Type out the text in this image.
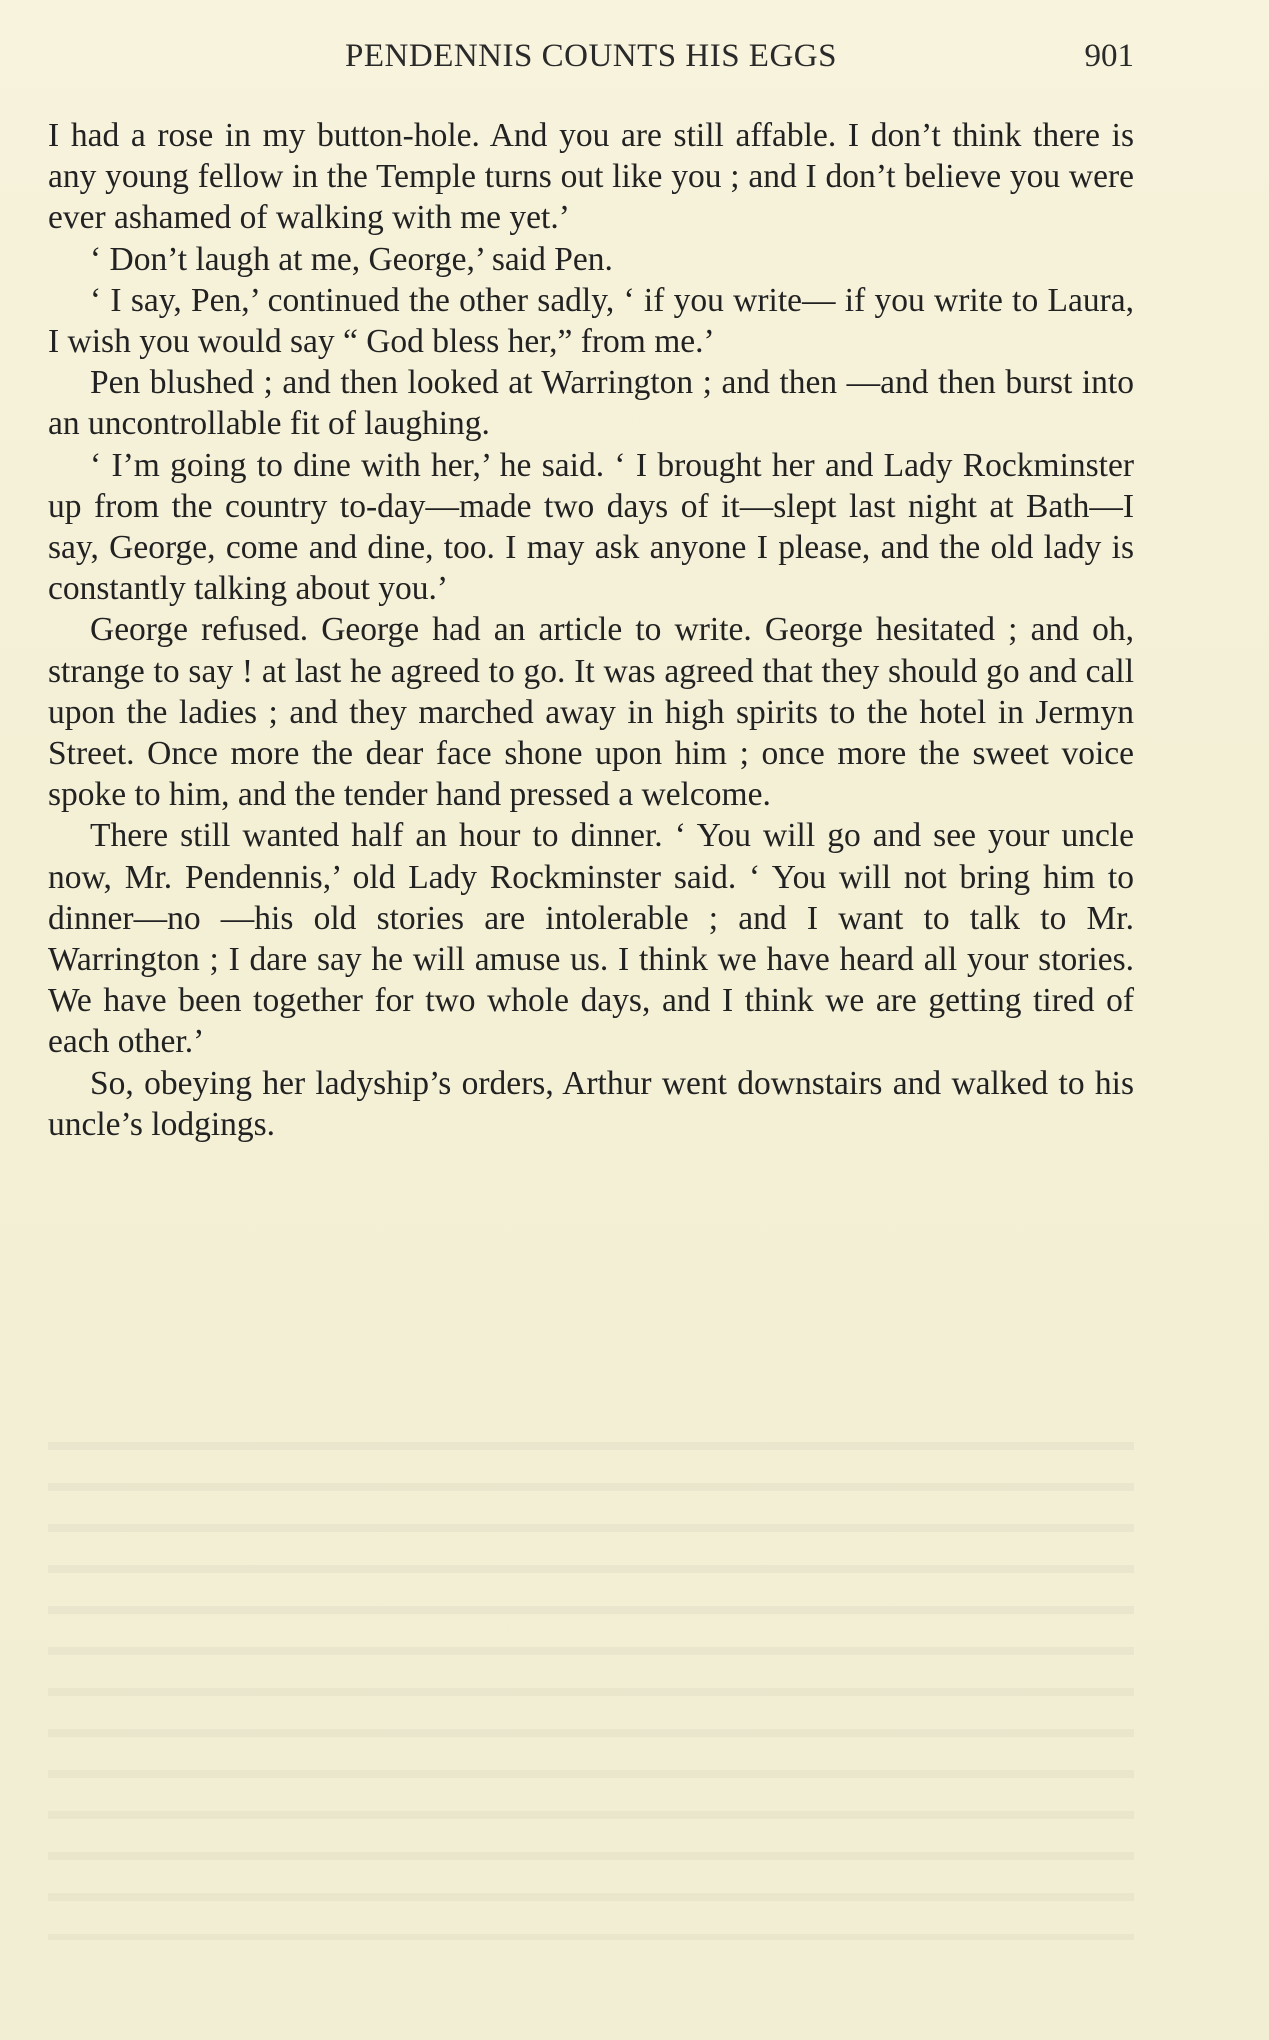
PENDENNIS COUNTS HIS EGGS	901

I had a rose in my button-hole. And you are still affable. I don’t think there is any young fellow in the Temple turns out like you ; and I don’t believe you were ever ashamed of walking with me yet.’

‘ Don’t laugh at me, George,’ said Pen.

‘ I say, Pen,’ continued the other sadly, ‘ if you write— if you write to Laura, I wish you would say “ God bless her,” from me.’

Pen blushed ; and then looked at Warrington ; and then —and then burst into an uncontrollable fit of laughing.

‘ I’m going to dine with her,’ he said. ‘ I brought her and Lady Rockminster up from the country to-day—made two days of it—slept last night at Bath—I say, George, come and dine, too. I may ask anyone I please, and the old lady is constantly talking about you.’

George refused. George had an article to write. George hesitated ; and oh, strange to say ! at last he agreed to go. It was agreed that they should go and call upon the ladies ; and they marched away in high spirits to the hotel in Jermyn Street. Once more the dear face shone upon him ; once more the sweet voice spoke to him, and the tender hand pressed a welcome.

There still wanted half an hour to dinner. ‘ You will go and see your uncle now, Mr. Pendennis,’ old Lady Rockminster said. ‘ You will not bring him to dinner—no —his old stories are intolerable ; and I want to talk to Mr. Warrington ; I dare say he will amuse us. I think we have heard all your stories. We have been together for two whole days, and I think we are getting tired of each other.’

So, obeying her ladyship’s orders, Arthur went downstairs and walked to his uncle’s lodgings.
